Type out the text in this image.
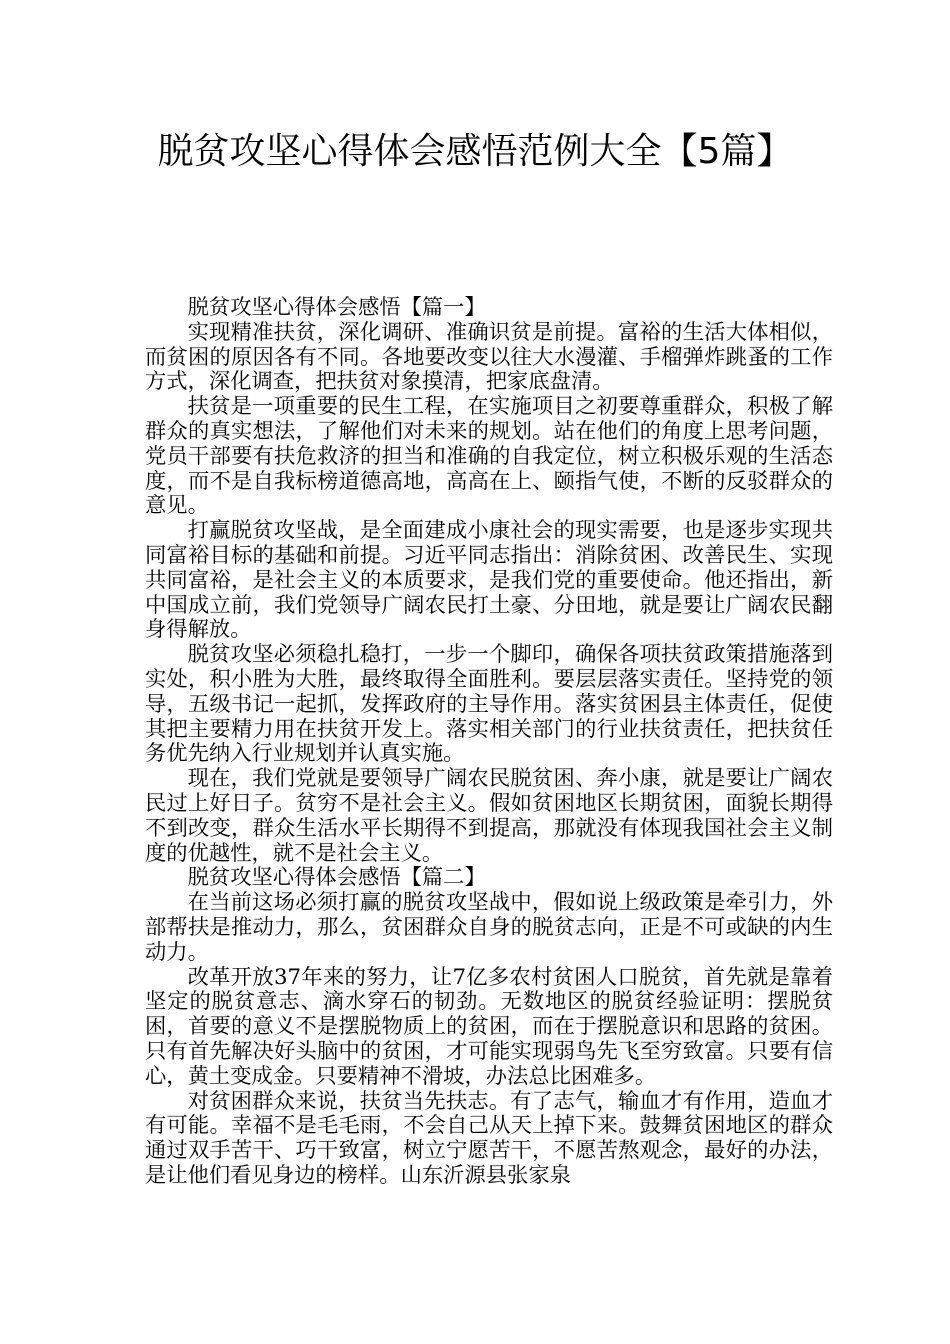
脱贫攻坚心得体会感悟范例大全【5篇】

脱贫攻坚心得体会感悟【篇一】

实现精准扶贫，深化调研、准确识贫是前提。富裕的生活大体相似，而贫困的原因各有不同。各地要改变以往大水漫灌、手榴弹炸跳蚤的工作方式，深化调查，把扶贫对象摸清，把家底盘清。

扶贫是一项重要的民生工程，在实施项目之初要尊重群众，积极了解群众的真实想法，了解他们对未来的规划。站在他们的角度上思考问题，党员干部要有扶危救济的担当和准确的自我定位，树立积极乐观的生活态度，而不是自我标榜道德高地，高高在上、颐指气使，不断的反驳群众的意见。

打赢脱贫攻坚战，是全面建成小康社会的现实需要，也是逐步实现共同富裕目标的基础和前提。习近平同志指出：消除贫困、改善民生、实现共同富裕，是社会主义的本质要求，是我们党的重要使命。他还指出，新中国成立前，我们党领导广阔农民打土豪、分田地，就是要让广阔农民翻身得解放。

脱贫攻坚必须稳扎稳打，一步一个脚印，确保各项扶贫政策措施落到实处，积小胜为大胜，最终取得全面胜利。要层层落实责任。坚持党的领导，五级书记一起抓，发挥政府的主导作用。落实贫困县主体责任，促使其把主要精力用在扶贫开发上。落实相关部门的行业扶贫责任，把扶贫任务优先纳入行业规划并认真实施。

现在，我们党就是要领导广阔农民脱贫困、奔小康，就是要让广阔农民过上好日子。贫穷不是社会主义。假如贫困地区长期贫困，面貌长期得不到改变，群众生活水平长期得不到提高，那就没有体现我国社会主义制度的优越性，就不是社会主义。

脱贫攻坚心得体会感悟【篇二】

在当前这场必须打赢的脱贫攻坚战中，假如说上级政策是牵引力，外部帮扶是推动力，那么，贫困群众自身的脱贫志向，正是不可或缺的内生动力。

改革开放37年来的努力，让7亿多农村贫困人口脱贫，首先就是靠着坚定的脱贫意志、滴水穿石的韧劲。无数地区的脱贫经验证明：摆脱贫困，首要的意义不是摆脱物质上的贫困，而在于摆脱意识和思路的贫困。只有首先解决好头脑中的贫困，才可能实现弱鸟先飞至穷致富。只要有信心，黄土变成金。只要精神不滑坡，办法总比困难多。

对贫困群众来说，扶贫当先扶志。有了志气，输血才有作用，造血才有可能。幸福不是毛毛雨，不会自己从天上掉下来。鼓舞贫困地区的群众通过双手苦干、巧干致富，树立宁愿苦干，不愿苦熬观念，最好的办法，是让他们看见身边的榜样。山东沂源县张家泉
